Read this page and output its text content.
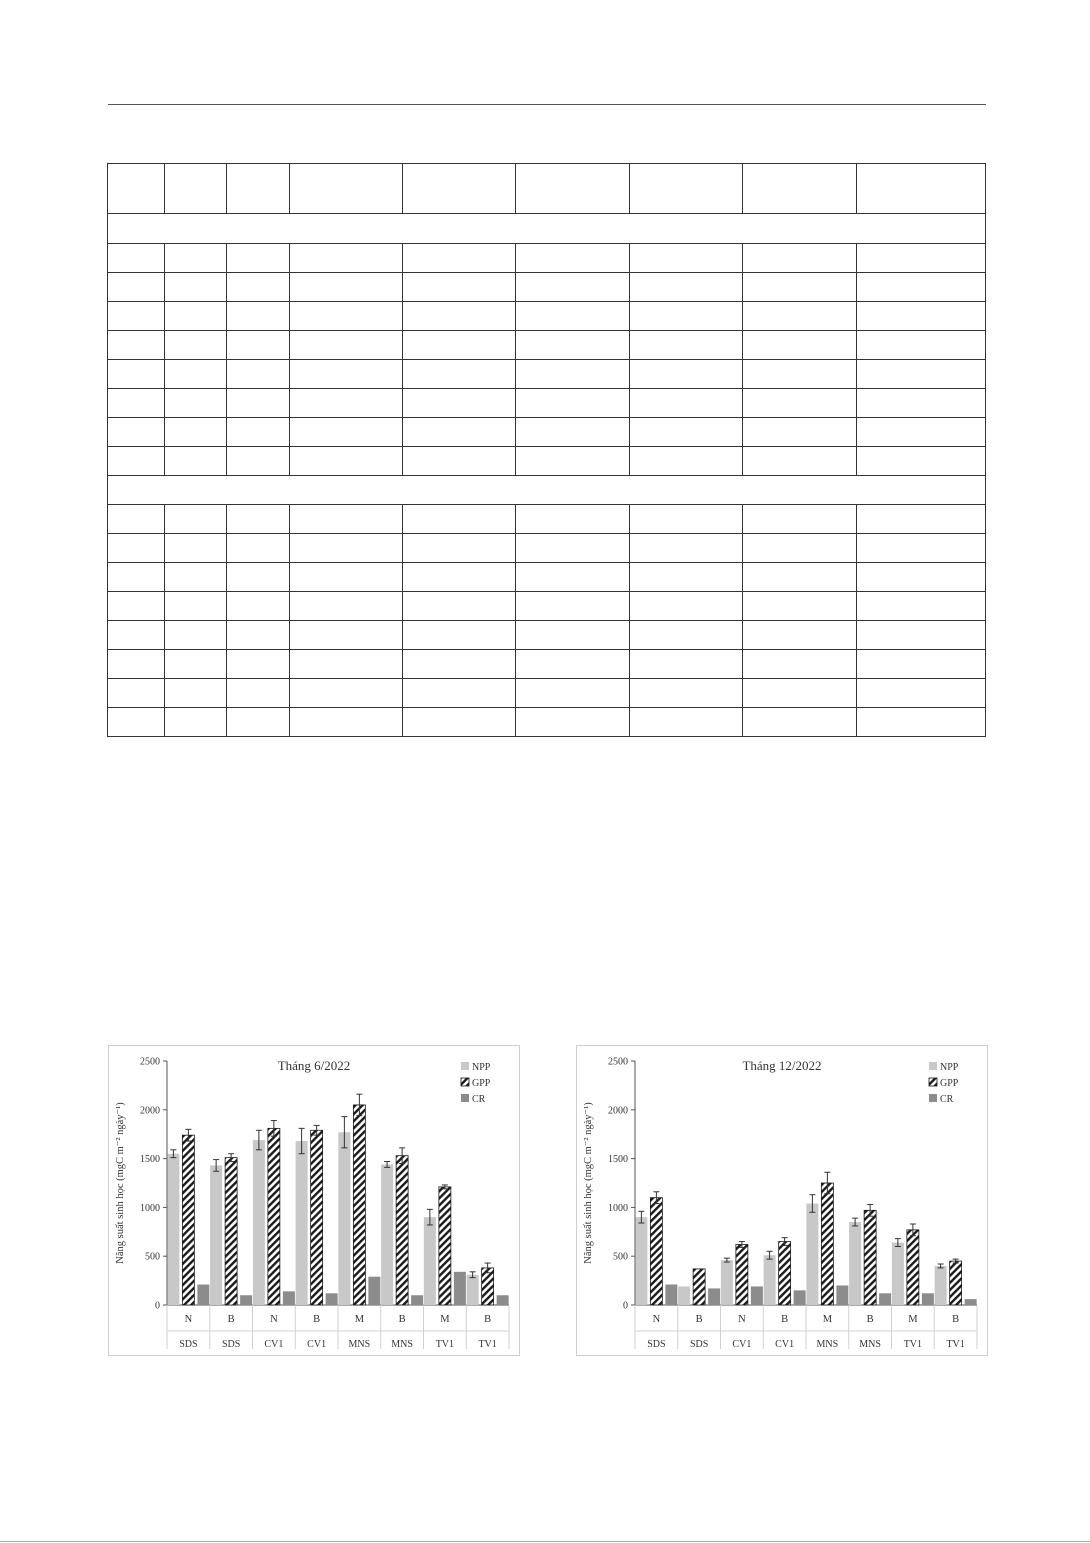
0
500
1000
1500
2000
2500
Năng suất sinh học (mgC m⁻² ngày⁻¹)
Tháng 6/2022	NPP
GPP
CR
N
SDS
B
SDS
N
CV1
B
CV1
M
MNS
B
MNS
M
TV1
B
TV1
0
500
1000
1500
2000
2500
Năng suất sinh học (mgC m⁻² ngày⁻¹)
Tháng 12/2022	NPP
GPP
CR
N
SDS
B
SDS
N
CV1
B
CV1
M
MNS
B
MNS
M
TV1
B
TV1
